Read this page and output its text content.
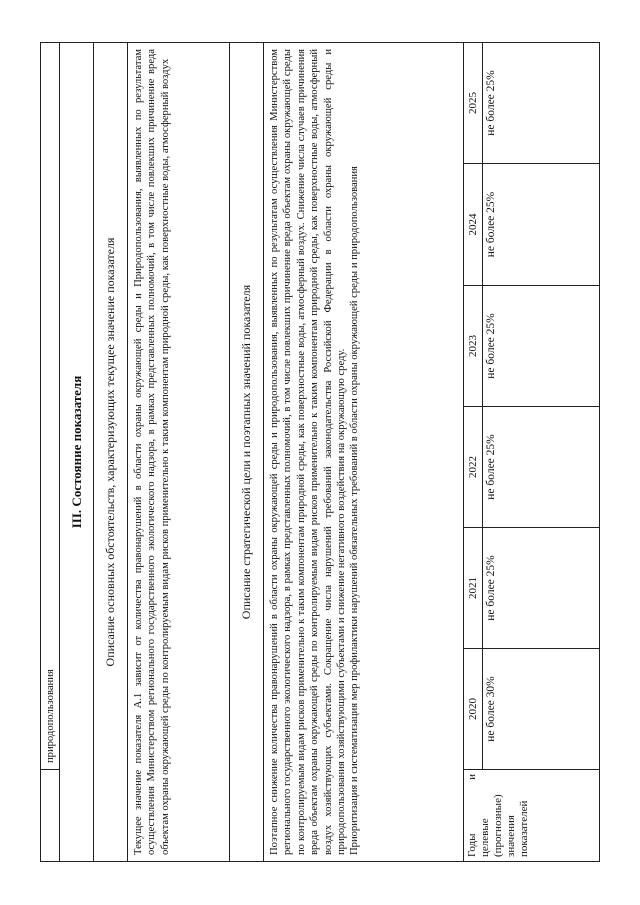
природопользования
III. Состояние показателя	Описание основных обстоятельств, характеризующих текущее значение показателя	Текущее значение показателя А.1 зависит от количества правонарушений в области охраны окружающей среды и Природопользования, выявленных по результатам осуществления Министерством регионального государственного экологического надзора, в рамках представленных полномочий, в том числе повлекших причинение вреда объектам охраны окружающей среды по контролируемым видам рисков применительно к таким компонентам природной среды, как поверхностные воды, атмосферный воздух	Описание стратегической цели и поэтапных значений показателя	Поэтапное снижение количества правонарушений в области охраны окружающей среды и природопользования, выявленных по результатам осуществления Министерством регионального государственного экологического надзора, в рамках представленных полномочий, в том числе повлекших причинение вреда объектам охраны окружающей среды по контролируемым видам рисков применительно к таким компонентам природной среды, как поверхностные воды, атмосферный воздух. Снижение числа случаев причинения вреда объектам охраны окружающей среды по контролируемым видам рисков применительно к таким компонентам природной среды, как поверхностные воды, атмосферный воздух хозяйствующих субъектами. Сокращение числа нарушений требований законодательства Российской Федерации в области охраны окружающей среды и природопользования хозяйствующими субъектами и снижение негативного воздействия на окружающую среду. Приоритизация и систематизация мер профилактики нарушений обязательных требований в области охраны окружающей среды и природопользования	Годы
и
целевые (прогнозные) значения показателей
2020 не более 30%
2021 не более 25%
2022 не более 25%
2023 не более 25%
2024 не более 25%
2025 не более 25%
